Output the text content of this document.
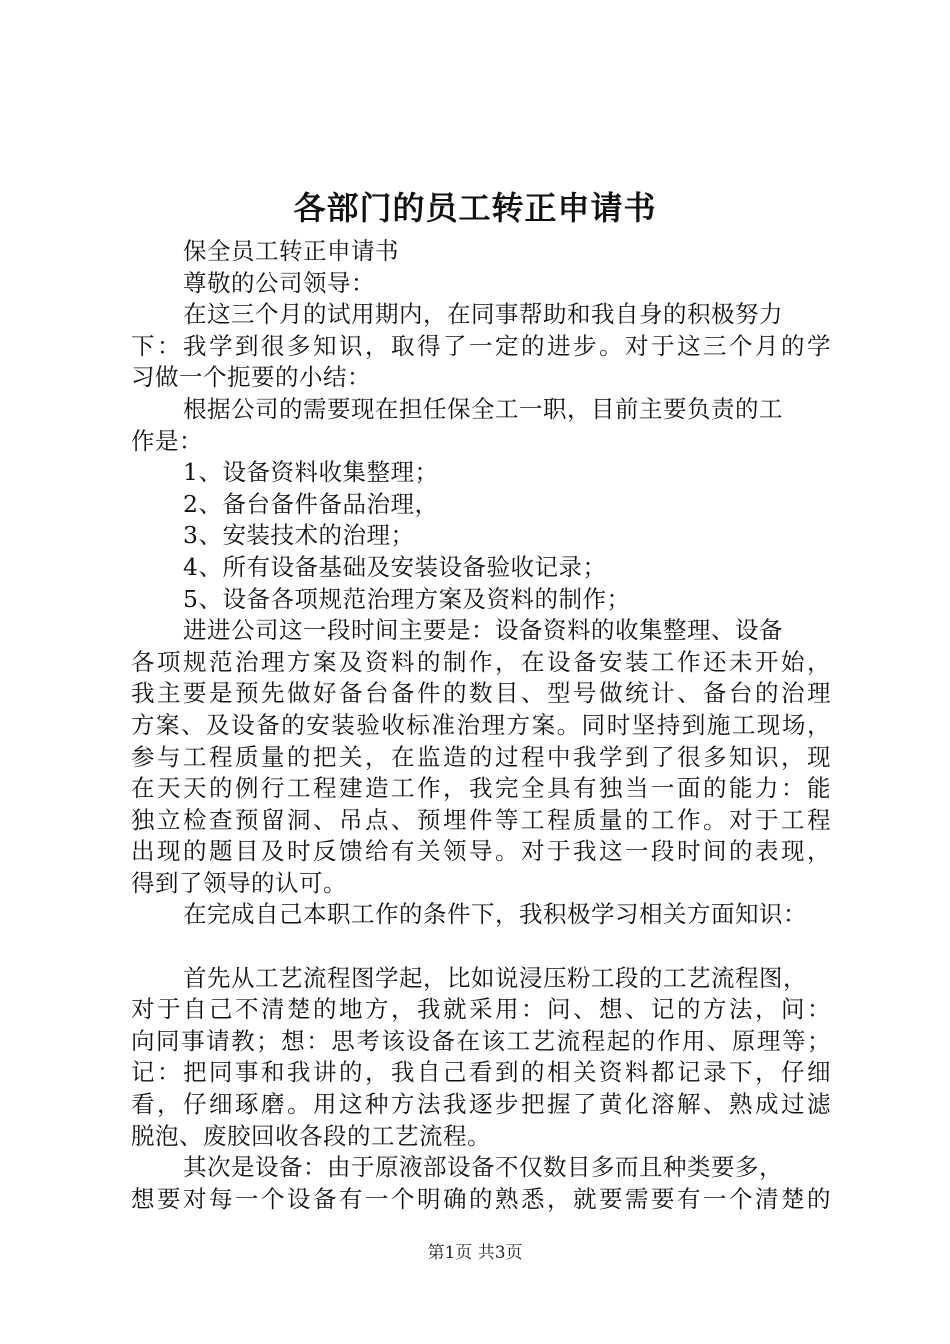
各部门的员工转正申请书
保全员工转正申请书
尊敬的公司领导：
在这三个月的试用期内，在同事帮助和我自身的积极努力
下：我学到很多知识，取得了一定的进步。对于这三个月的学
习做一个扼要的小结：
根据公司的需要现在担任保全工一职，目前主要负责的工
作是：
1、设备资料收集整理；
2、备台备件备品治理，
3、安装技术的治理；
4、所有设备基础及安装设备验收记录；
5、设备各项规范治理方案及资料的制作；
进进公司这一段时间主要是：设备资料的收集整理、设备
各项规范治理方案及资料的制作，在设备安装工作还未开始，
我主要是预先做好备台备件的数目、型号做统计、备台的治理
方案、及设备的安装验收标准治理方案。同时坚持到施工现场，
参与工程质量的把关，在监造的过程中我学到了很多知识，现
在天天的例行工程建造工作，我完全具有独当一面的能力：能
独立检查预留洞、吊点、预埋件等工程质量的工作。对于工程
出现的题目及时反馈给有关领导。对于我这一段时间的表现，
得到了领导的认可。
在完成自己本职工作的条件下，我积极学习相关方面知识：
首先从工艺流程图学起，比如说浸压粉工段的工艺流程图，
对于自己不清楚的地方，我就采用：问、想、记的方法，问：
向同事请教；想：思考该设备在该工艺流程起的作用、原理等；
记：把同事和我讲的，我自己看到的相关资料都记录下，仔细
看，仔细琢磨。用这种方法我逐步把握了黄化溶解、熟成过滤
脱泡、废胶回收各段的工艺流程。
其次是设备：由于原液部设备不仅数目多而且种类要多，
想要对每一个设备有一个明确的熟悉，就要需要有一个清楚的
第1页 共3页
